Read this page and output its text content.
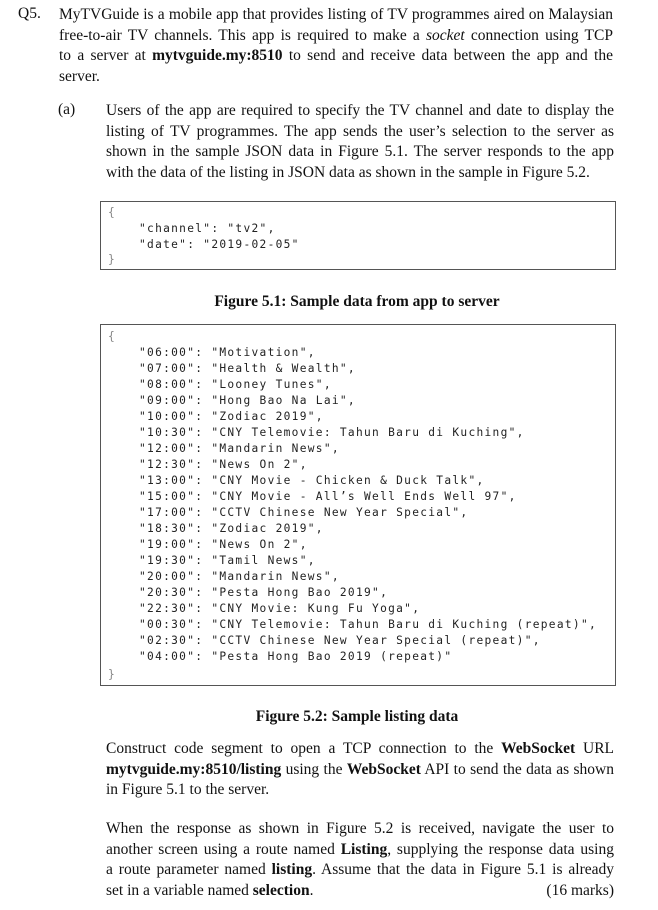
Q5. MyTVGuide is a mobile app that provides listing of TV programmes aired on Malaysian
free-to-air TV channels. This app is required to make a socket connection using TCP
to a server at mytvguide.my:8510 to send and receive data between the app and the
server.
(a) Users of the app are required to specify the TV channel and date to display the
listing of TV programmes. The app sends the user’s selection to the server as
shown in the sample JSON data in Figure 5.1. The server responds to the app
with the data of the listing in JSON data as shown in the sample in Figure 5.2.
{
}
"channel": "tv2",
"date": "2019-02-05"
Figure 5.1: Sample data from app to server
{
}
"06:00": "Motivation",
"07:00": "Health & Wealth",
"08:00": "Looney Tunes",
"09:00": "Hong Bao Na Lai",
"10:00": "Zodiac 2019",
"10:30": "CNY Telemovie: Tahun Baru di Kuching",
"12:00": "Mandarin News",
"12:30": "News On 2",
"13:00": "CNY Movie - Chicken & Duck Talk",
"15:00": "CNY Movie - All’s Well Ends Well 97",
"17:00": "CCTV Chinese New Year Special",
"18:30": "Zodiac 2019",
"19:00": "News On 2",
"19:30": "Tamil News",
"20:00": "Mandarin News",
"20:30": "Pesta Hong Bao 2019",
"22:30": "CNY Movie: Kung Fu Yoga",
"00:30": "CNY Telemovie: Tahun Baru di Kuching (repeat)",
"02:30": "CCTV Chinese New Year Special (repeat)",
"04:00": "Pesta Hong Bao 2019 (repeat)"
Figure 5.2: Sample listing data
Construct code segment to open a TCP connection to the WebSocket URL
mytvguide.my:8510/listing using the WebSocket API to send the data as shown
in Figure 5.1 to the server.
When the response as shown in Figure 5.2 is received, navigate the user to
another screen using a route named Listing, supplying the response data using
a route parameter named listing. Assume that the data in Figure 5.1 is already
set in a variable named selection.	(16 marks)
